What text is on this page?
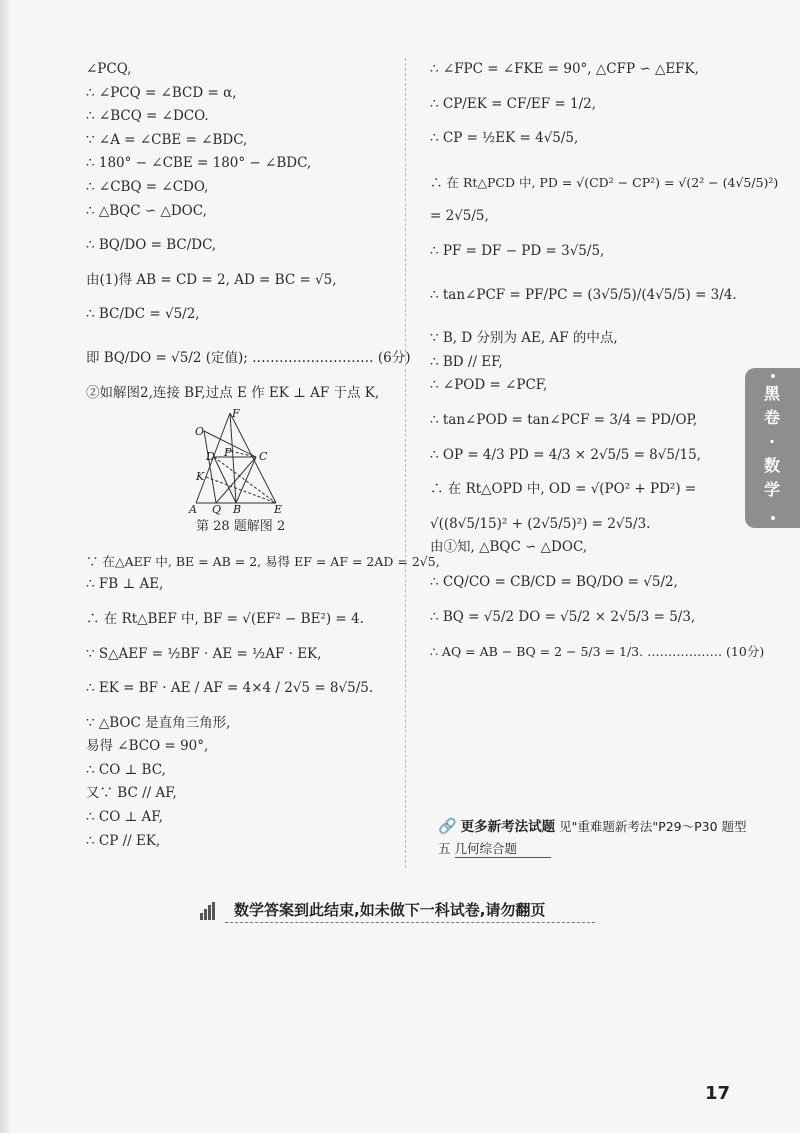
∠PCQ,
∴ ∠PCQ = ∠BCD = α,
∴ ∠BCQ = ∠DCO.
∵ ∠A = ∠CBE = ∠BDC,
∴ 180° − ∠CBE = 180° − ∠BDC,
∴ ∠CBQ = ∠CDO,
∴ △BQC ∽ △DOC,
∴ BQ/DO = BC/DC,
由(1)得 AB = CD = 2, AD = BC = √5,
∴ BC/DC = √5/2,
即 BQ/DO = √5/2 (定值); ……………………… (6分)
②如解图2,连接 BF,过点 E 作 EK ⊥ AF 于点 K,
F
O
D P	C
K
A Q B	E
第 28 题解图 2
∵ 在△AEF 中, BE = AB = 2, 易得 EF = AF = 2AD = 2√5,
∴ FB ⊥ AE,
∴ 在 Rt△BEF 中, BF = √(EF² − BE²) = 4.
∵ S△AEF = ½BF · AE = ½AF · EK,
∴ EK = BF · AE / AF = 4×4 / 2√5 = 8√5/5.
∵ △BOC 是直角三角形,
易得 ∠BCO = 90°,
∴ CO ⊥ BC,
又∵ BC // AF,
∴ CO ⊥ AF,
∴ CP // EK,
∴ ∠FPC = ∠FKE = 90°, △CFP ∽ △EFK,
∴ CP/EK = CF/EF = 1/2,
∴ CP = ½EK = 4√5/5,
∴ 在 Rt△PCD 中, PD = √(CD² − CP²) = √(2² − (4√5/5)²)
= 2√5/5,
∴ PF = DF − PD = 3√5/5,
∴ tan∠PCF = PF/PC = (3√5/5)/(4√5/5) = 3/4.
∵ B, D 分别为 AE, AF 的中点,
∴ BD // EF,
∴ ∠POD = ∠PCF,
∴ tan∠POD = tan∠PCF = 3/4 = PD/OP,
∴ OP = 4/3 PD = 4/3 × 2√5/5 = 8√5/15,
∴ 在 Rt△OPD 中, OD = √(PO² + PD²) =
√((8√5/15)² + (2√5/5)²) = 2√5/3.
由①知, △BQC ∽ △DOC,
∴ CQ/CO = CB/CD = BQ/DO = √5/2,
∴ BQ = √5/2 DO = √5/2 × 2√5/3 = 5/3,
∴ AQ = AB − BQ = 2 − 5/3 = 1/3. ……………… (10分)
🔗 更多新考法试题 见"重难题新考法"P29～P30 题型五 几何综合题
黑
卷
·
数
学
数学答案到此结束,如未做下一科试卷,请勿翻页
17
